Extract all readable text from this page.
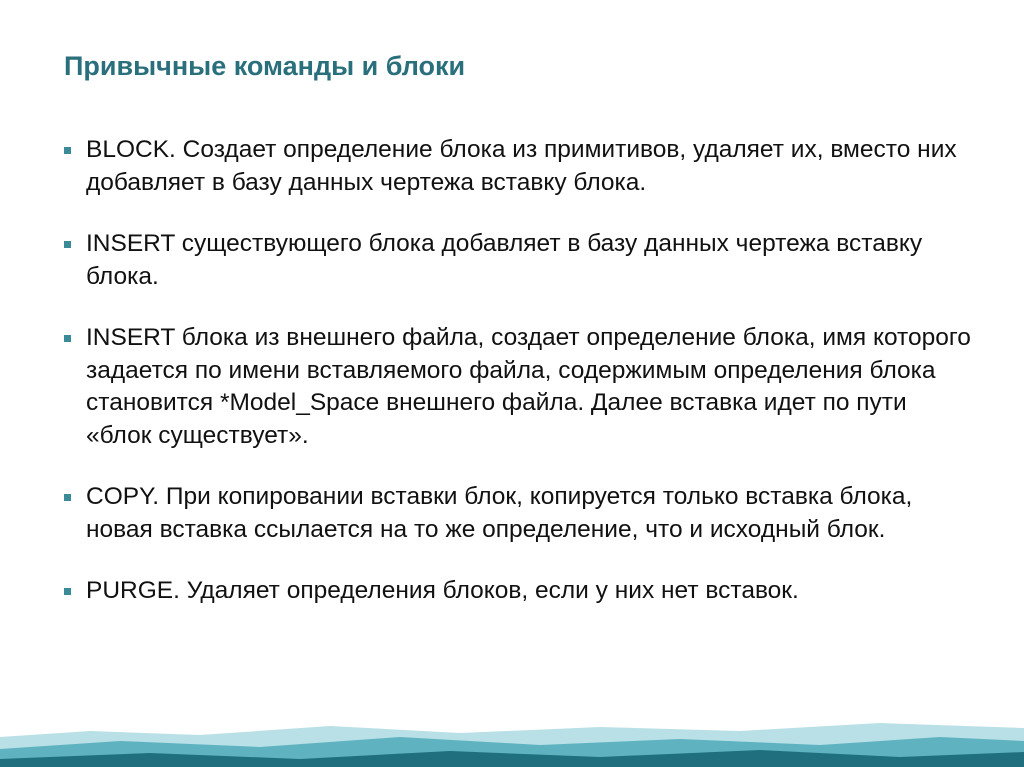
Привычные команды и блоки
BLOCK. Создает определение блока из примитивов, удаляет их, вместо них добавляет в базу данных чертежа вставку блока.
INSERT существующего блока добавляет в базу данных чертежа вставку блока.
INSERT блока из внешнего файла, создает определение блока, имя которого задается по имени вставляемого файла, содержимым определения блока становится *Model_Space внешнего файла. Далее вставка идет по пути «блок существует».
COPY. При копировании вставки блок, копируется только вставка блока, новая вставка ссылается на то же определение, что и исходный блок.
PURGE. Удаляет определения блоков, если у них нет вставок.
